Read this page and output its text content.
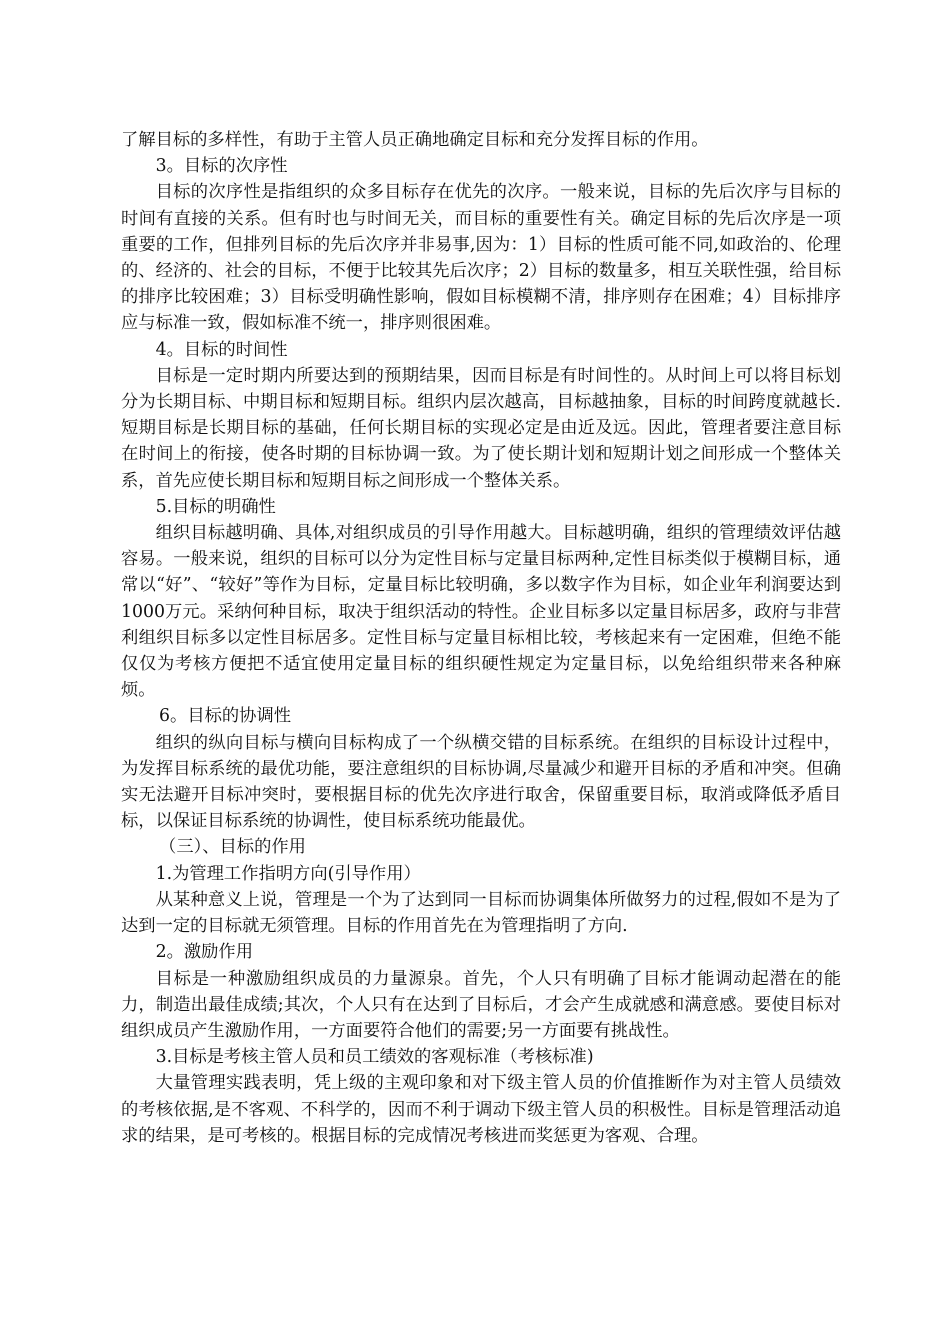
了解目标的多样性，有助于主管人员正确地确定目标和充分发挥目标的作用。

3。目标的次序性

目标的次序性是指组织的众多目标存在优先的次序。一般来说，目标的先后次序与目标的时间有直接的关系。但有时也与时间无关，而目标的重要性有关。确定目标的先后次序是一项重要的工作，但排列目标的先后次序并非易事,因为：1）目标的性质可能不同,如政治的、伦理的、经济的、社会的目标，不便于比较其先后次序；2）目标的数量多，相互关联性强，给目标的排序比较困难；3）目标受明确性影响，假如目标模糊不清，排序则存在困难；4）目标排序应与标准一致，假如标准不统一，排序则很困难。

4。目标的时间性

目标是一定时期内所要达到的预期结果，因而目标是有时间性的。从时间上可以将目标划分为长期目标、中期目标和短期目标。组织内层次越高，目标越抽象，目标的时间跨度就越长.短期目标是长期目标的基础，任何长期目标的实现必定是由近及远。因此，管理者要注意目标在时间上的衔接，使各时期的目标协调一致。为了使长期计划和短期计划之间形成一个整体关系，首先应使长期目标和短期目标之间形成一个整体关系。

5.目标的明确性

组织目标越明确、具体,对组织成员的引导作用越大。目标越明确，组织的管理绩效评估越容易。一般来说，组织的目标可以分为定性目标与定量目标两种,定性目标类似于模糊目标，通常以“好”、“较好”等作为目标，定量目标比较明确，多以数字作为目标，如企业年利润要达到1000万元。采纳何种目标，取决于组织活动的特性。企业目标多以定量目标居多，政府与非营利组织目标多以定性目标居多。定性目标与定量目标相比较，考核起来有一定困难，但绝不能仅仅为考核方便把不适宜使用定量目标的组织硬性规定为定量目标，以免给组织带来各种麻烦。

6。目标的协调性

组织的纵向目标与横向目标构成了一个纵横交错的目标系统。在组织的目标设计过程中，为发挥目标系统的最优功能，要注意组织的目标协调,尽量减少和避开目标的矛盾和冲突。但确实无法避开目标冲突时，要根据目标的优先次序进行取舍，保留重要目标，取消或降低矛盾目标，以保证目标系统的协调性，使目标系统功能最优。

（三）、目标的作用

1.为管理工作指明方向(引导作用）

从某种意义上说，管理是一个为了达到同一目标而协调集体所做努力的过程,假如不是为了达到一定的目标就无须管理。目标的作用首先在为管理指明了方向.

2。激励作用

目标是一种激励组织成员的力量源泉。首先，个人只有明确了目标才能调动起潜在的能力，制造出最佳成绩;其次，个人只有在达到了目标后，才会产生成就感和满意感。要使目标对组织成员产生激励作用，一方面要符合他们的需要;另一方面要有挑战性。

3.目标是考核主管人员和员工绩效的客观标准（考核标准)

大量管理实践表明，凭上级的主观印象和对下级主管人员的价值推断作为对主管人员绩效的考核依据,是不客观、不科学的，因而不利于调动下级主管人员的积极性。目标是管理活动追求的结果，是可考核的。根据目标的完成情况考核进而奖惩更为客观、合理。
